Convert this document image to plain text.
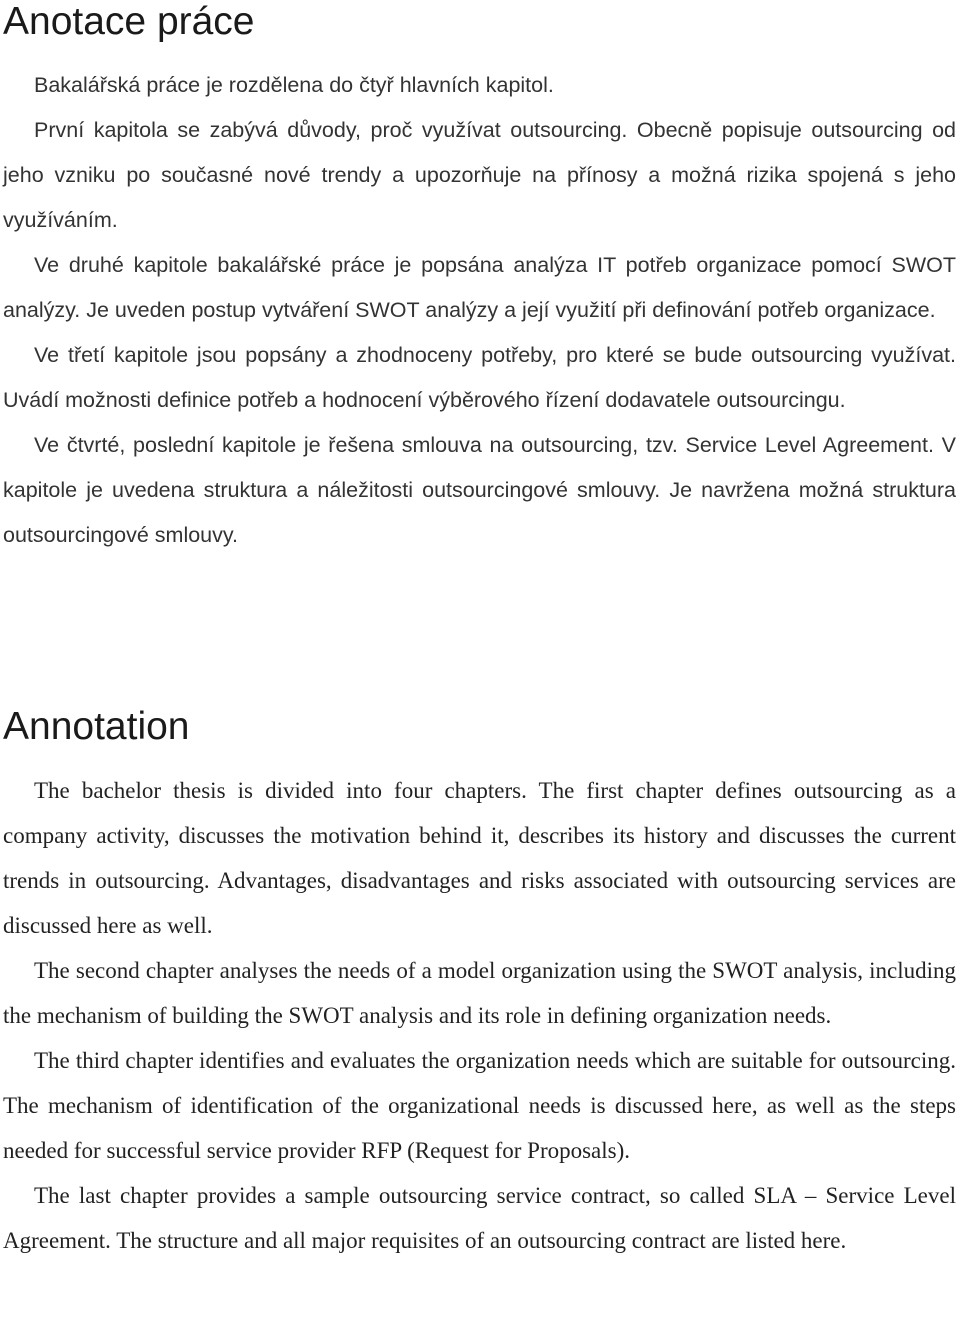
Anotace práce

Bakalářská práce je rozdělena do čtyř hlavních kapitol.

První kapitola se zabývá důvody, proč využívat outsourcing. Obecně popisuje outsourcing od jeho vzniku po současné nové trendy a upozorňuje na přínosy a možná rizika spojená s jeho využíváním.

Ve druhé kapitole bakalářské práce je popsána analýza IT potřeb organizace pomocí SWOT analýzy. Je uveden postup vytváření SWOT analýzy a její využití při definování potřeb organizace.

Ve třetí kapitole jsou popsány a zhodnoceny potřeby, pro které se bude outsourcing využívat. Uvádí možnosti definice potřeb a hodnocení výběrového řízení dodavatele outsourcingu.

Ve čtvrté, poslední kapitole je řešena smlouva na outsourcing, tzv. Service Level Agreement. V kapitole je uvedena struktura a náležitosti outsourcingové smlouvy. Je navržena možná struktura outsourcingové smlouvy.

Annotation

The bachelor thesis is divided into four chapters. The first chapter defines outsourcing as a company activity, discusses the motivation behind it, describes its history and discusses the current trends in outsourcing. Advantages, disadvantages and risks associated with outsourcing services are discussed here as well.

The second chapter analyses the needs of a model organization using the SWOT analysis, including the mechanism of building the SWOT analysis and its role in defining organization needs.

The third chapter identifies and evaluates the organization needs which are suitable for outsourcing. The mechanism of identification of the organizational needs is discussed here, as well as the steps needed for successful service provider RFP (Request for Proposals).

The last chapter provides a sample outsourcing service contract, so called SLA – Service Level Agreement. The structure and all major requisites of an outsourcing contract are listed here.
